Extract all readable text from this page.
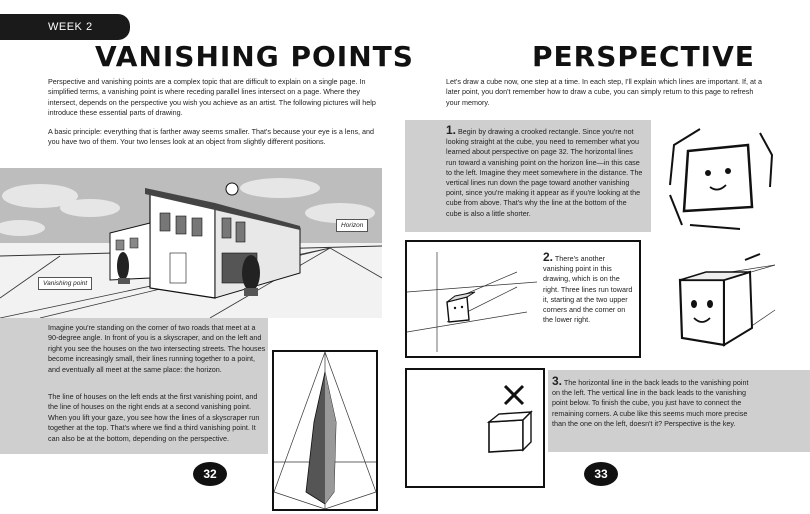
WEEK 2
VANISHING POINTS
Perspective and vanishing points are a complex topic that are difficult to explain on a single page. In simplified terms, a vanishing point is where receding parallel lines intersect on a page. Where they intersect, depends on the perspective you wish you achieve as an artist. The following pictures will help introduce these essential parts of drawing.
A basic principle: everything that is farther away seems smaller. That's because your eye is a lens, and you have two of them. Your two lenses look at an object from slightly different positions.
Horizon
Vanishing point
Imagine you're standing on the corner of two roads that meet at a 90-degree angle. In front of you is a skyscraper, and on the left and right you see the houses on the two intersecting streets. The houses become increasingly small, their lines running together to a point, and eventually all meet at the same place: the horizon.
The line of houses on the left ends at the first vanishing point, and the line of houses on the right ends at a second vanishing point. When you lift your gaze, you see how the lines of a skyscraper run together at the top. That's where we find a third vanishing point. It can also be at the bottom, depending on the perspective.
32
PERSPECTIVE
Let's draw a cube now, one step at a time. In each step, I'll explain which lines are important. If, at a later point, you don't remember how to draw a cube, you can simply return to this page to refresh your memory.
1. Begin by drawing a crooked rectangle. Since you're not looking straight at the cube, you need to remember what you learned about perspective on page 32. The horizontal lines run toward a vanishing point on the horizon line—in this case to the left. Imagine they meet somewhere in the distance. The vertical lines run down the page toward another vanishing point, since you're making it appear as if you're looking at the cube from above. That's why the line at the bottom of the cube is also a little shorter.
2. There's another vanishing point in this drawing, which is on the right. Three lines run toward it, starting at the two upper corners and the corner on the lower right.
3. The horizontal line in the back leads to the vanishing point on the left. The vertical line in the back leads to the vanishing point below. To finish the cube, you just have to connect the remaining corners. A cube like this seems much more precise than the one on the left, doesn't it? Perspective is the key.
33
